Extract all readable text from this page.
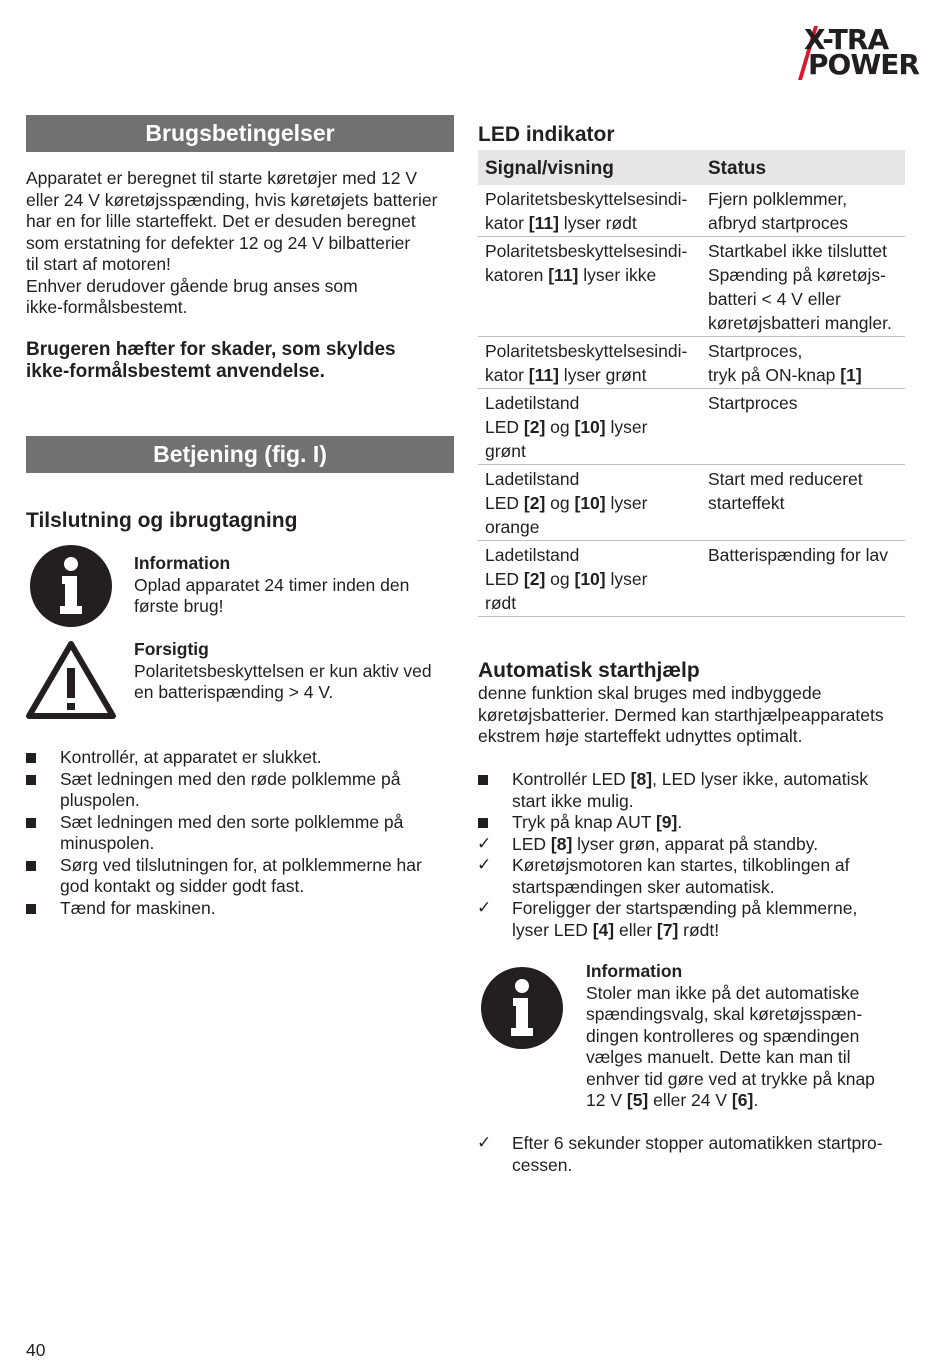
X-TRA
POWER
Brugsbetingelser

Apparatet er beregnet til starte køretøjer med 12 V

eller 24 V køretøjsspænding, hvis køretøjets batterier

har en for lille starteffekt. Det er desuden beregnet

som erstatning for defekter 12 og 24 V bilbatterier

til start af motoren!

Enhver derudover gående brug anses som

ikke-formålsbestemt.

Brugeren hæfter for skader, som skyldes

ikke-formålsbestemt anvendelse.

Betjening (fig. I)
Tilslutning og ibrugtagning

Information

Oplad apparatet 24 timer inden den

første brug!

Forsigtig

Polaritetsbeskyttelsen er kun aktiv ved

en batterispænding > 4 V.

Kontrollér, at apparatet er slukket.
Sæt ledningen med den røde polklemme på
pluspolen.
Sæt ledningen med den sorte polklemme på
minuspolen.
Sørg ved tilslutningen for, at polklemmerne har
god kontakt og sidder godt fast.
Tænd for maskinen.
LED indikator
Signal/visning	Status
Polaritetsbeskyttelsesindi-
kator [11] lyser rødt	Fjern polklemmer,
afbryd startproces
Polaritetsbeskyttelsesindi-
katoren [11] lyser ikke	Startkabel ikke tilsluttet
Spænding på køretøjs-
batteri < 4 V eller
køretøjsbatteri mangler.
Polaritetsbeskyttelsesindi-
kator [11] lyser grønt	Startproces,
tryk på ON-knap [1]
Ladetilstand
LED [2] og [10] lyser
grønt	Startproces
Ladetilstand
LED [2] og [10] lyser
orange	Start med reduceret
starteffekt
Ladetilstand
LED [2] og [10] lyser
rødt	Batterispænding for lav
Automatisk starthjælp

denne funktion skal bruges med indbyggede

køretøjsbatterier. Dermed kan starthjælpeapparatets

ekstrem høje starteffekt udnyttes optimalt.

Kontrollér LED [8], LED lyser ikke, automatisk
start ikke mulig.
Tryk på knap AUT [9].
✓ LED [8] lyser grøn, apparat på standby.
✓ Køretøjsmotoren kan startes, tilkoblingen af
startspændingen sker automatisk.
✓ Foreligger der startspænding på klemmerne,
lyser LED [4] eller [7] rødt!

Information

Stoler man ikke på det automatiske

spændingsvalg, skal køretøjsspæn-

dingen kontrolleres og spændingen

vælges manuelt. Dette kan man til

enhver tid gøre ved at trykke på knap

12 V [5] eller 24 V [6].

✓ Efter 6 sekunder stopper automatikken startpro-
cessen.
40
